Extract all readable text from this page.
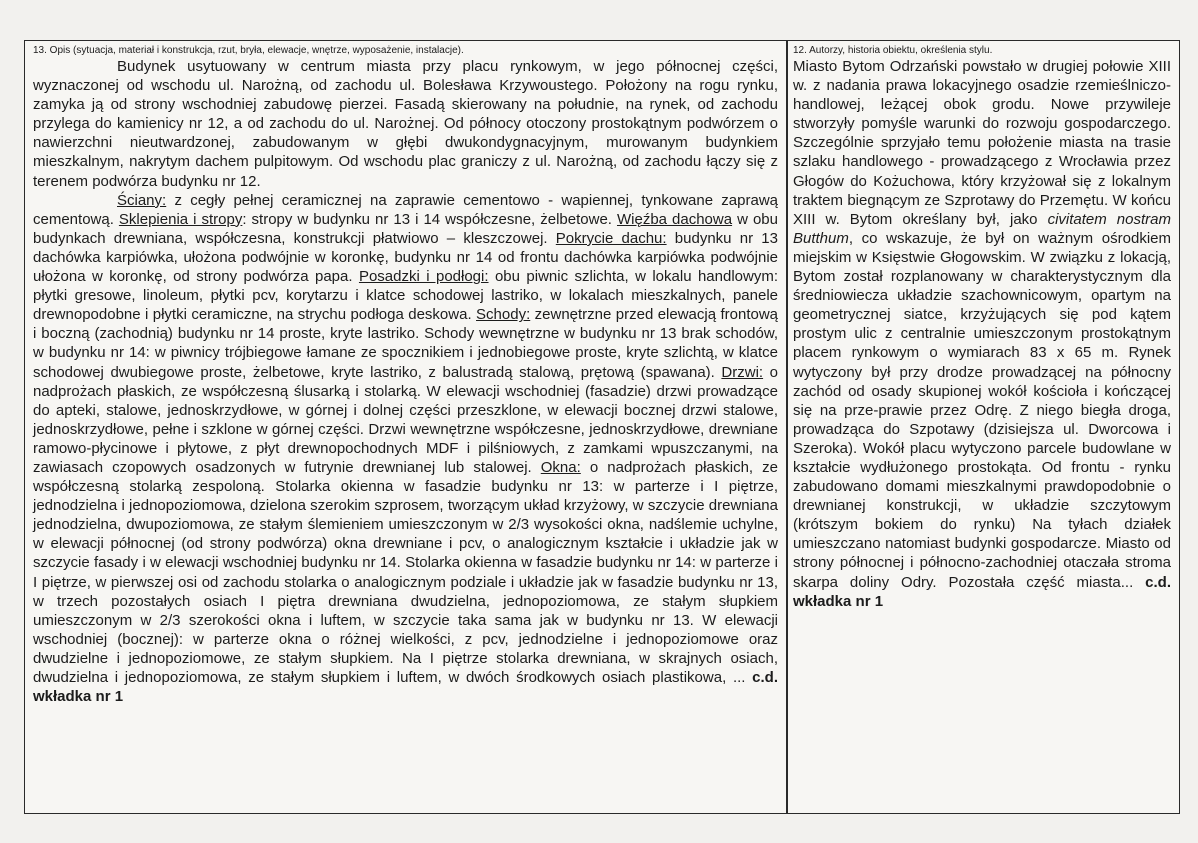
13. Opis (sytuacja, materiał i konstrukcja, rzut, bryła, elewacje, wnętrze, wyposażenie, instalacje).

Budynek usytuowany w centrum miasta przy placu rynkowym, w jego północnej części, wyznaczonej od wschodu ul. Narożną, od zachodu ul. Bolesława Krzywoustego. Położony na rogu rynku, zamyka ją od strony wschodniej zabudowę pierzei. Fasadą skierowany na południe, na rynek, od zachodu przylega do kamienicy nr 12, a od zachodu do ul. Narożnej. Od północy otoczony prostokątnym podwórzem o nawierzchni nieutwardzonej, zabudowanym w głębi dwukondygnacyjnym, murowanym budynkiem mieszkalnym, nakrytym dachem pulpitowym. Od wschodu plac graniczy z ul. Narożną, od zachodu łączy się z terenem podwórza budynku nr 12.

Ściany: z cegły pełnej ceramicznej na zaprawie cementowo - wapiennej, tynkowane zaprawą cementową. Sklepienia i stropy: stropy w budynku nr 13 i 14 współczesne, żelbetowe. Więźba dachowa w obu budynkach drewniana, współczesna, konstrukcji płatwiowo – kleszczowej. Pokrycie dachu: budynku nr 13 dachówka karpiówka, ułożona podwójnie w koronkę, budynku nr 14 od frontu dachówka karpiówka podwójnie ułożona w koronkę, od strony podwórza papa. Posadzki i podłogi: obu piwnic szlichta, w lokalu handlowym: płytki gresowe, linoleum, płytki pcv, korytarzu i klatce schodowej lastriko, w lokalach mieszkalnych, panele drewnopodobne i płytki ceramiczne, na strychu podłoga deskowa. Schody: zewnętrzne przed elewacją frontową i boczną (zachodnią) budynku nr 14 proste, kryte lastriko. Schody wewnętrzne w budynku nr 13 brak schodów, w budynku nr 14: w piwnicy trójbiegowe łamane ze spocznikiem i jednobiegowe proste, kryte szlichtą, w klatce schodowej dwubiegowe proste, żelbetowe, kryte lastriko, z balustradą stalową, prętową (spawana). Drzwi: o nadprożach płaskich, ze współczesną ślusarką i stolarką. W elewacji wschodniej (fasadzie) drzwi prowadzące do apteki, stalowe, jednoskrzydłowe, w górnej i dolnej części przeszklone, w elewacji bocznej drzwi stalowe, jednoskrzydłowe, pełne i szklone w górnej części. Drzwi wewnętrzne współczesne, jednoskrzydłowe, drewniane ramowo-płycinowe i płytowe, z płyt drewnopochodnych MDF i pilśniowych, z zamkami wpuszczanymi, na zawiasach czopowych osadzonych w futrynie drewnianej lub stalowej. Okna: o nadprożach płaskich, ze współczesną stolarką zespoloną. Stolarka okienna w fasadzie budynku nr 13: w parterze i I piętrze, jednodzielna i jednopoziomowa, dzielona szerokim szprosem, tworzącym układ krzyżowy, w szczycie drewniana jednodzielna, dwupoziomowa, ze stałym ślemieniem umieszczonym w 2/3 wysokości okna, nadślemie uchylne, w elewacji północnej (od strony podwórza) okna drewniane i pcv, o analogicznym kształcie i układzie jak w szczycie fasady i w elewacji wschodniej budynku nr 14. Stolarka okienna w fasadzie budynku nr 14: w parterze i I piętrze, w pierwszej osi od zachodu stolarka o analogicznym podziale i układzie jak w fasadzie budynku nr 13, w trzech pozostałych osiach I piętra drewniana dwudzielna, jednopoziomowa, ze stałym słupkiem umieszczonym w 2/3 szerokości okna i luftem, w szczycie taka sama jak w budynku nr 13. W elewacji wschodniej (bocznej): w parterze okna o różnej wielkości, z pcv, jednodzielne i jednopoziomowe oraz dwudzielne i jednopoziomowe, ze stałym słupkiem. Na I piętrze stolarka drewniana, w skrajnych osiach, dwudzielna i jednopoziomowa, ze stałym słupkiem i luftem, w dwóch środkowych osiach plastikowa, ... c.d. wkładka nr 1

12. Autorzy, historia obiektu, określenia stylu.

Miasto Bytom Odrzański powstało w drugiej połowie XIII w. z nadania prawa lokacyjnego osadzie rzemieślniczo-handlowej, leżącej obok grodu. Nowe przywileje stworzyły pomyśle warunki do rozwoju gospodarczego. Szczególnie sprzyjało temu położenie miasta na trasie szlaku handlowego - prowadzącego z Wrocławia przez Głogów do Kożuchowa, który krzyżował się z lokalnym traktem biegnącym ze Szprotawy do Przemętu. W końcu XIII w. Bytom określany był, jako civitatem nostram Butthum, co wskazuje, że był on ważnym ośrodkiem miejskim w Księstwie Głogowskim. W związku z lokacją, Bytom został rozplanowany w charakterystycznym dla średniowiecza układzie szachownicowym, opartym na geometrycznej siatce, krzyżujących się pod kątem prostym ulic z centralnie umieszczonym prostokątnym placem rynkowym o wymiarach 83 x 65 m. Rynek wytyczony był przy drodze prowadzącej na północny zachód od osady skupionej wokół kościoła i kończącej się na prze-prawie przez Odrę. Z niego biegła droga, prowadząca do Szpotawy (dzisiejsza ul. Dworcowa i Szeroka). Wokół placu wytyczono parcele budowlane w kształcie wydłużonego prostokąta. Od frontu - rynku zabudowano domami mieszkalnymi prawdopodobnie o drewnianej konstrukcji, w układzie szczytowym (krótszym bokiem do rynku) Na tyłach działek umieszczano natomiast budynki gospodarcze. Miasto od strony północnej i północno-zachodniej otaczała stroma skarpa doliny Odry. Pozostała część miasta... c.d. wkładka nr 1
